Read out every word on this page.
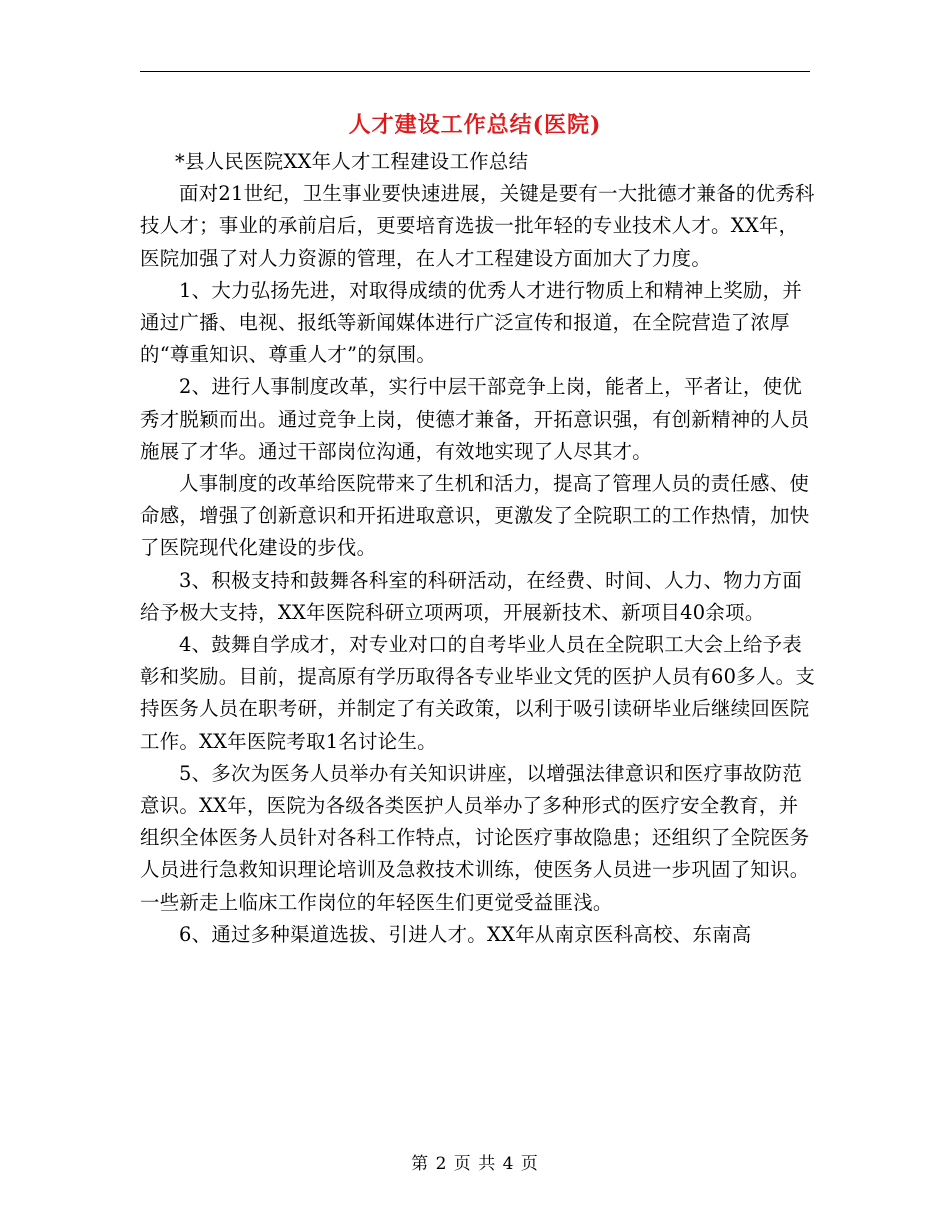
人才建设工作总结(医院)

*县人民医院XX年人才工程建设工作总结

面对21世纪，卫生事业要快速进展，关键是要有一大批德才兼备的优秀科技人才；事业的承前启后，更要培育选拔一批年轻的专业技术人才。XX年，医院加强了对人力资源的管理，在人才工程建设方面加大了力度。

1、大力弘扬先进，对取得成绩的优秀人才进行物质上和精神上奖励，并通过广播、电视、报纸等新闻媒体进行广泛宣传和报道，在全院营造了浓厚的“尊重知识、尊重人才”的氛围。

2、进行人事制度改革，实行中层干部竞争上岗，能者上，平者让，使优秀才脱颖而出。通过竞争上岗，使德才兼备，开拓意识强，有创新精神的人员施展了才华。通过干部岗位沟通，有效地实现了人尽其才。

人事制度的改革给医院带来了生机和活力，提高了管理人员的责任感、使命感，增强了创新意识和开拓进取意识，更激发了全院职工的工作热情，加快了医院现代化建设的步伐。

3、积极支持和鼓舞各科室的科研活动，在经费、时间、人力、物力方面给予极大支持，XX年医院科研立项两项，开展新技术、新项目40余项。

4、鼓舞自学成才，对专业对口的自考毕业人员在全院职工大会上给予表彰和奖励。目前，提高原有学历取得各专业毕业文凭的医护人员有60多人。支持医务人员在职考研，并制定了有关政策，以利于吸引读研毕业后继续回医院工作。XX年医院考取1名讨论生。

5、多次为医务人员举办有关知识讲座，以增强法律意识和医疗事故防范意识。XX年，医院为各级各类医护人员举办了多种形式的医疗安全教育，并组织全体医务人员针对各科工作特点，讨论医疗事故隐患；还组织了全院医务人员进行急救知识理论培训及急救技术训练，使医务人员进一步巩固了知识。一些新走上临床工作岗位的年轻医生们更觉受益匪浅。

6、通过多种渠道选拔、引进人才。XX年从南京医科高校、东南高

第 2 页 共 4 页
